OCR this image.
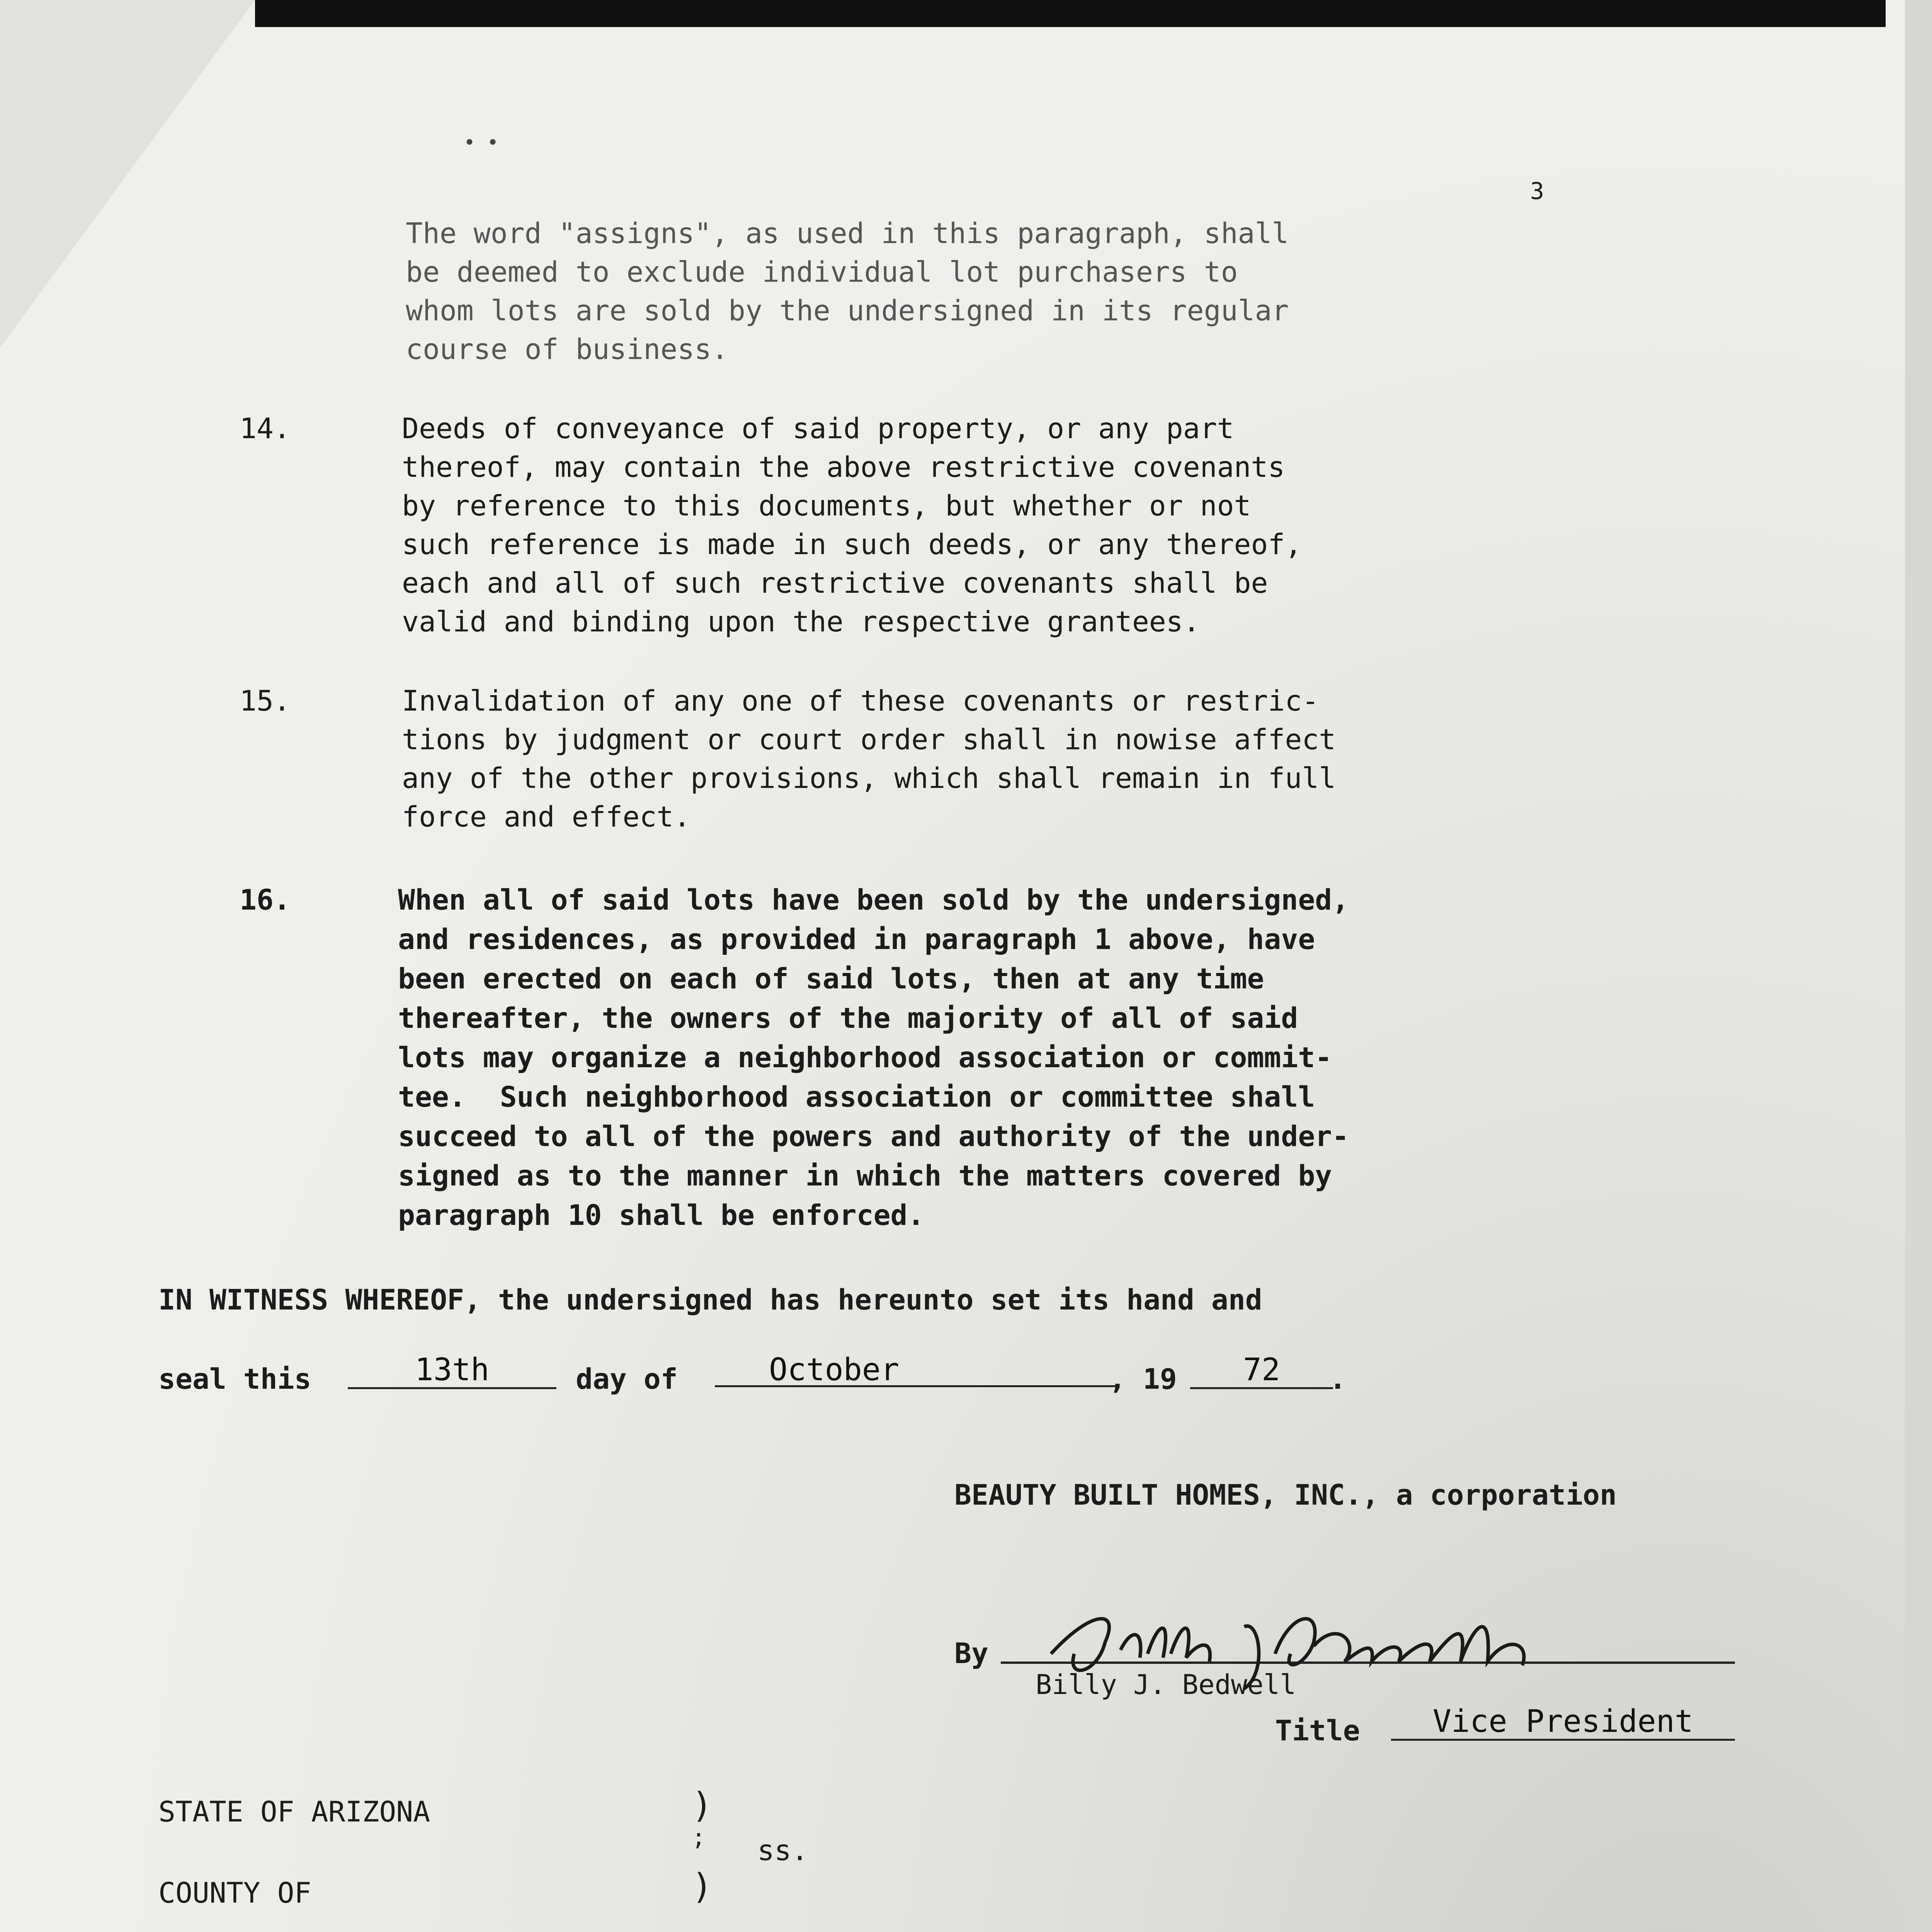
• •
3
The word "assigns", as used in this paragraph, shall
be deemed to exclude individual lot purchasers to
whom lots are sold by the undersigned in its regular
course of business.
14.	Deeds of conveyance of said property, or any part
thereof, may contain the above restrictive covenants
by reference to this documents, but whether or not
such reference is made in such deeds, or any thereof,
each and all of such restrictive covenants shall be
valid and binding upon the respective grantees.
15.	Invalidation of any one of these covenants or restric-
tions by judgment or court order shall in nowise affect
any of the other provisions, which shall remain in full
force and effect.
16.	When all of said lots have been sold by the undersigned,
and residences, as provided in paragraph 1 above, have
been erected on each of said lots, then at any time
thereafter, the owners of the majority of all of said
lots may organize a neighborhood association or commit-
tee.  Such neighborhood association or committee shall
succeed to all of the powers and authority of the under-
signed as to the manner in which the matters covered by
paragraph 10 shall be enforced.
IN WITNESS WHEREOF, the undersigned has hereunto set its hand and
seal this	13th	day of	October	, 19	72	.
BEAUTY BUILT HOMES, INC., a corporation
By
Billy J. Bedwell
Title	Vice President
STATE OF ARIZONA
COUNTY OF
)
;
)
ss.
